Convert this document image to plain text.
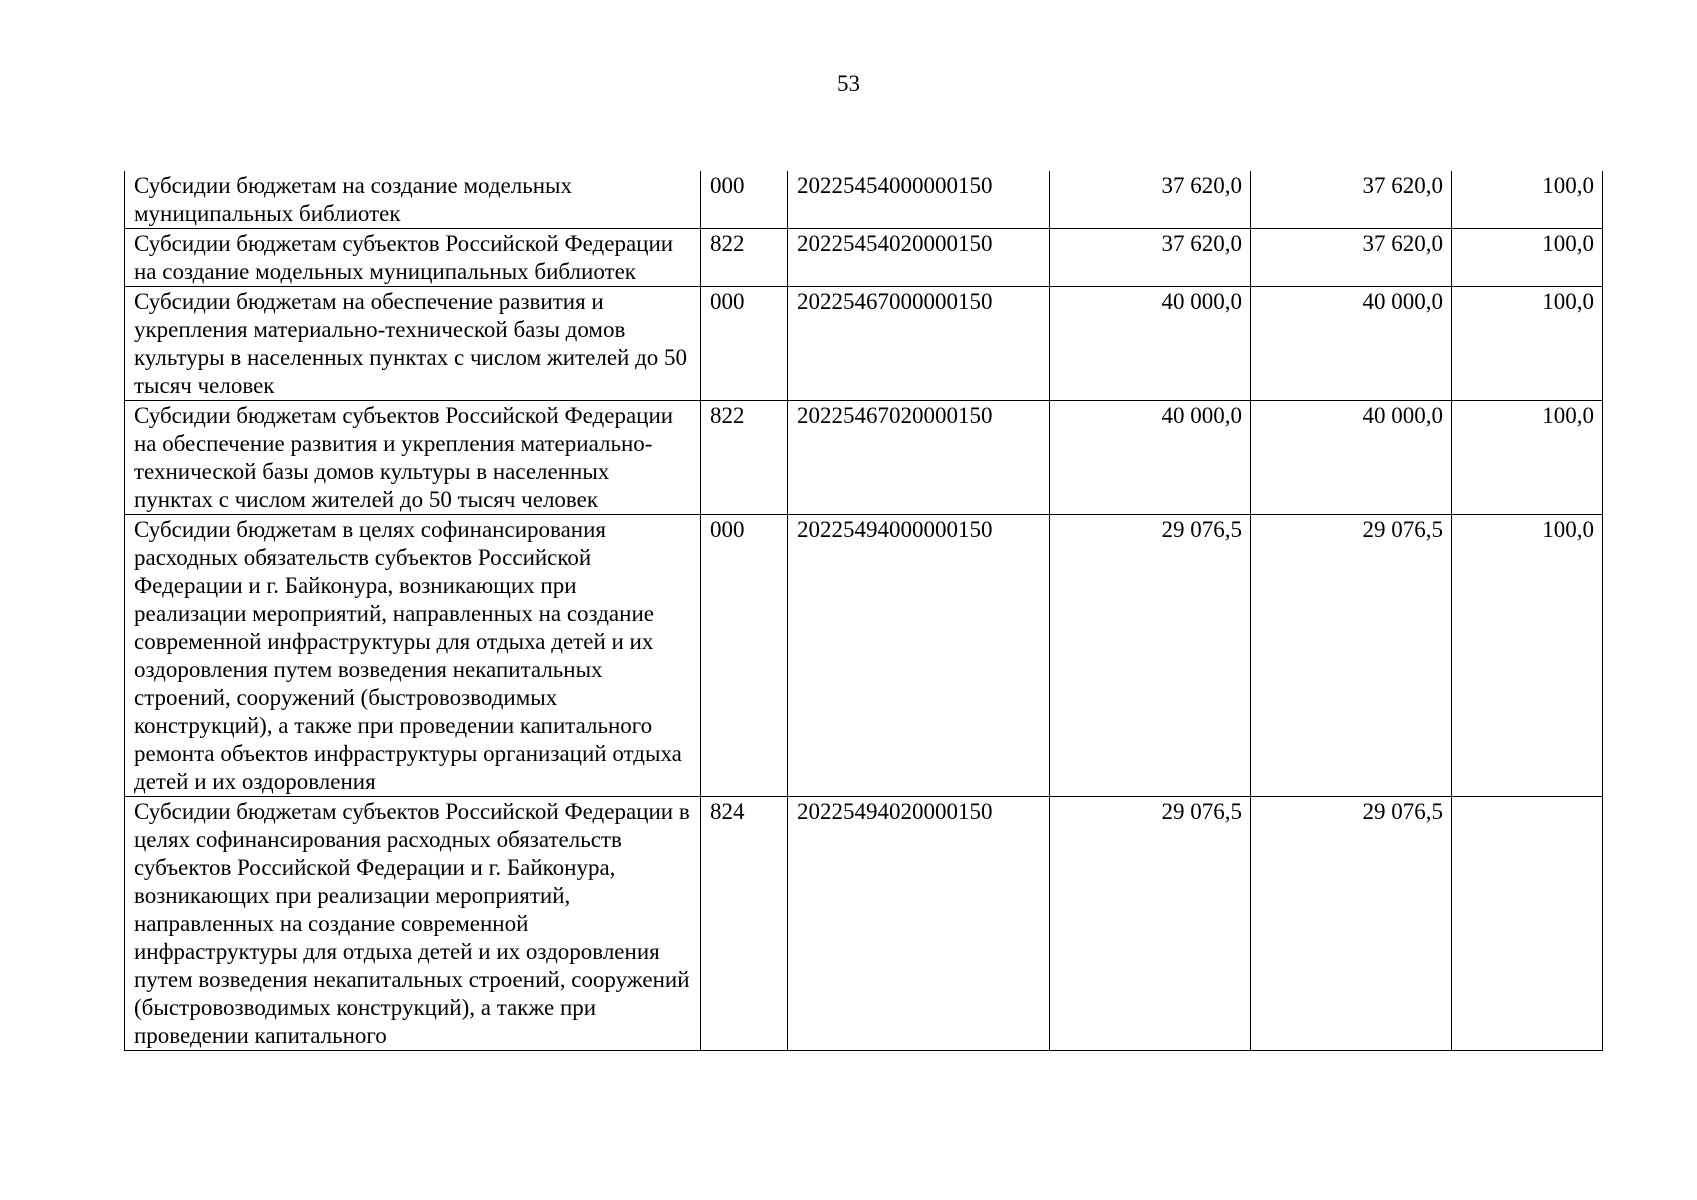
53
Субсидии бюджетам на создание модельных муниципальных библиотек	000	20225454000000150	37 620,0	37 620,0	100,0
Субсидии бюджетам субъектов Российской Федерации на создание модельных муниципальных библиотек	822	20225454020000150	37 620,0	37 620,0	100,0
Субсидии бюджетам на обеспечение развития и укрепления материально-технической базы домов культуры в населенных пунктах с числом жителей до 50 тысяч человек	000	20225467000000150	40 000,0	40 000,0	100,0
Субсидии бюджетам субъектов Российской Федерации на обеспечение развития и укрепления материально-технической базы домов культуры в населенных пунктах с числом жителей до 50 тысяч человек	822	20225467020000150	40 000,0	40 000,0	100,0
Субсидии бюджетам в целях софинансирования расходных обязательств субъектов Российской Федерации и г. Байконура, возникающих при реализации мероприятий, направленных на создание современной инфраструктуры для отдыха детей и их оздоровления путем возведения некапитальных строений, сооружений (быстровозводимых конструкций), а также при проведении капитального ремонта объектов инфраструктуры организаций отдыха детей и их оздоровления	000	20225494000000150	29 076,5	29 076,5	100,0
Субсидии бюджетам субъектов Российской Федерации в целях софинансирования расходных обязательств субъектов Российской Федерации и г. Байконура, возникающих при реализации мероприятий, направленных на создание современной инфраструктуры для отдыха детей и их оздоровления путем возведения некапитальных строений, сооружений (быстровозводимых конструкций), а также при проведении капитального	824	20225494020000150	29 076,5	29 076,5	
